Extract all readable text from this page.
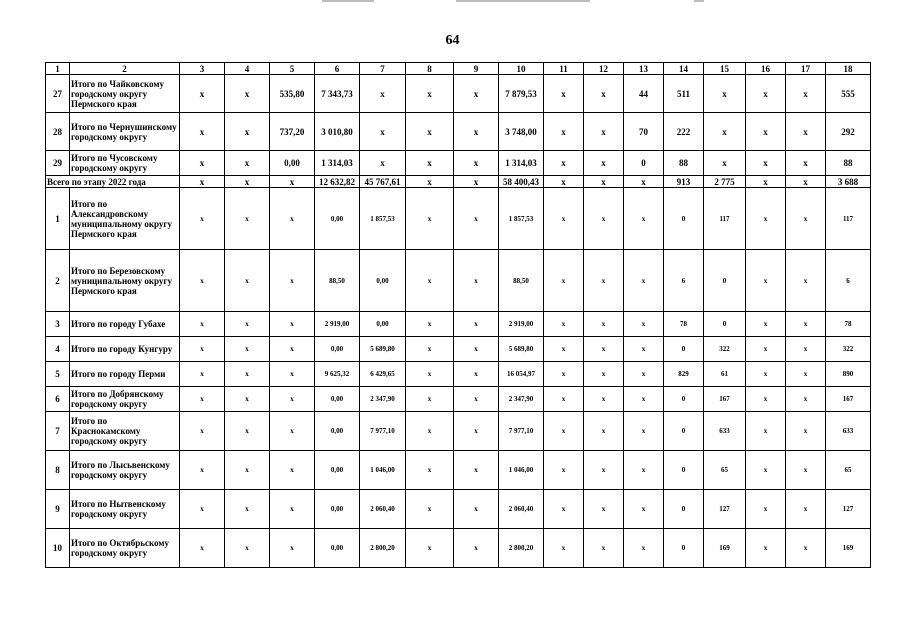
64
1	2	3	4	5	6	7	8	9	10	11	12	13	14	15	16	17	18
27	Итого по Чайковскому городскому округу Пермского края	х	х	535,80	7 343,73	х	х	х	7 879,53	х	х	44	511	х	х	х	555
28	Итого по Чернушинскому городскому округу	х	х	737,20	3 010,80	х	х	х	3 748,00	х	х	70	222	х	х	х	292
29	Итого по Чусовскому городскому округу	х	х	0,00	1 314,03	х	х	х	1 314,03	х	х	0	88	х	х	х	88
Всего по этапу 2022 года		х	х	х	12 632,82	45 767,61	х	х	58 400,43	х	х	х	913	2 775	х	х	3 688
1	Итого по Александровскому муниципальному округу Пермского края	х	х	х	0,00	1 857,53	х	х	1 857,53	х	х	х	0	117	х	х	117
2	Итого по Березовскому муниципальному округу Пермского края	х	х	х	88,50	0,00	х	х	88,50	х	х	х	6	0	х	х	6
3	Итого по городу Губахе	х	х	х	2 919,00	0,00	х	х	2 919,00	х	х	х	78	0	х	х	78
4	Итого по городу Кунгуру	х	х	х	0,00	5 689,80	х	х	5 689,80	х	х	х	0	322	х	х	322
5	Итого по городу Перми	х	х	х	9 625,32	6 429,65	х	х	16 054,97	х	х	х	829	61	х	х	890
6	Итого по Добрянскому городскому округу	х	х	х	0,00	2 347,90	х	х	2 347,90	х	х	х	0	167	х	х	167
7	Итого по Краснокамскому городскому округу	х	х	х	0,00	7 977,10	х	х	7 977,10	х	х	х	0	633	х	х	633
8	Итого по Лысьвенскому городскому округу	х	х	х	0,00	1 046,00	х	х	1 046,00	х	х	х	0	65	х	х	65
9	Итого по Нытвенскому городскому округу	х	х	х	0,00	2 060,40	х	х	2 060,40	х	х	х	0	127	х	х	127
10	Итого по Октябрьскому городскому округу	х	х	х	0,00	2 800,20	х	х	2 800,20	х	х	х	0	169	х	х	169
